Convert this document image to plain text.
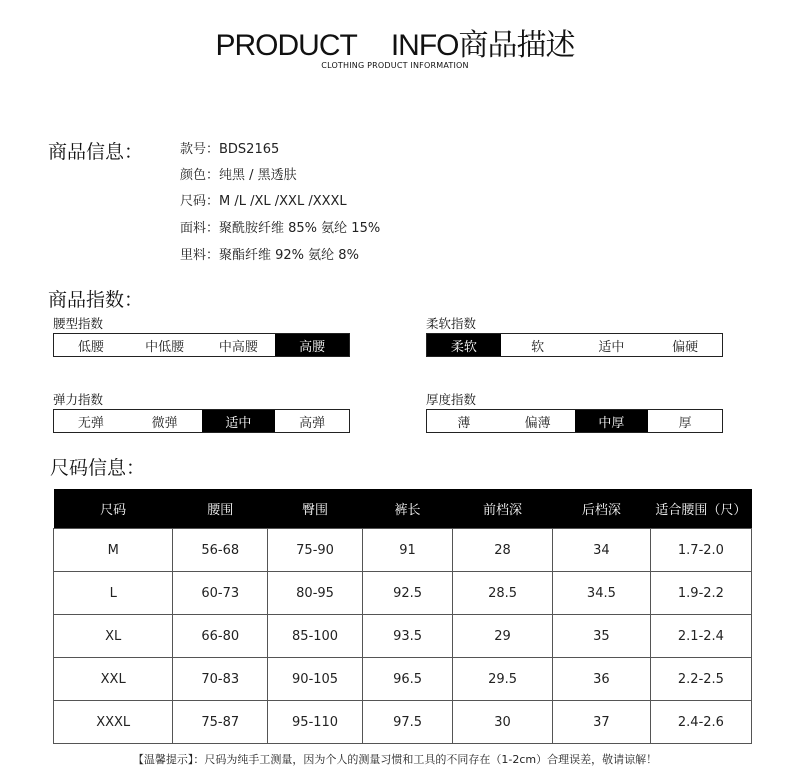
PRODUCT INFO商品描述
CLOTHING PRODUCT INFORMATION
商品信息：	款号：BDS2165
颜色：纯黑 / 黑透肤
尺码：M /L /XL /XXL /XXXL
面料：聚酰胺纤维 85% 氨纶 15%
里料：聚酯纤维 92% 氨纶 8%
商品指数：
腰型指数
低腰	中低腰	中高腰	高腰
柔软指数
柔软	软	适中	偏硬
弹力指数
无弹	微弹	适中	高弹
厚度指数
薄	偏薄	中厚	厚
尺码信息：
尺码	腰围	臀围	裤长	前档深	后档深	适合腰围（尺）
M	56-68	75-90	91	28	34	1.7-2.0
L	60-73	80-95	92.5	28.5	34.5	1.9-2.2
XL	66-80	85-100	93.5	29	35	2.1-2.4
XXL	70-83	90-105	96.5	29.5	36	2.2-2.5
XXXL	75-87	95-110	97.5	30	37	2.4-2.6
【温馨提示】：尺码为纯手工测量，因为个人的测量习惯和工具的不同存在（1-2cm）合理误差，敬请谅解！
